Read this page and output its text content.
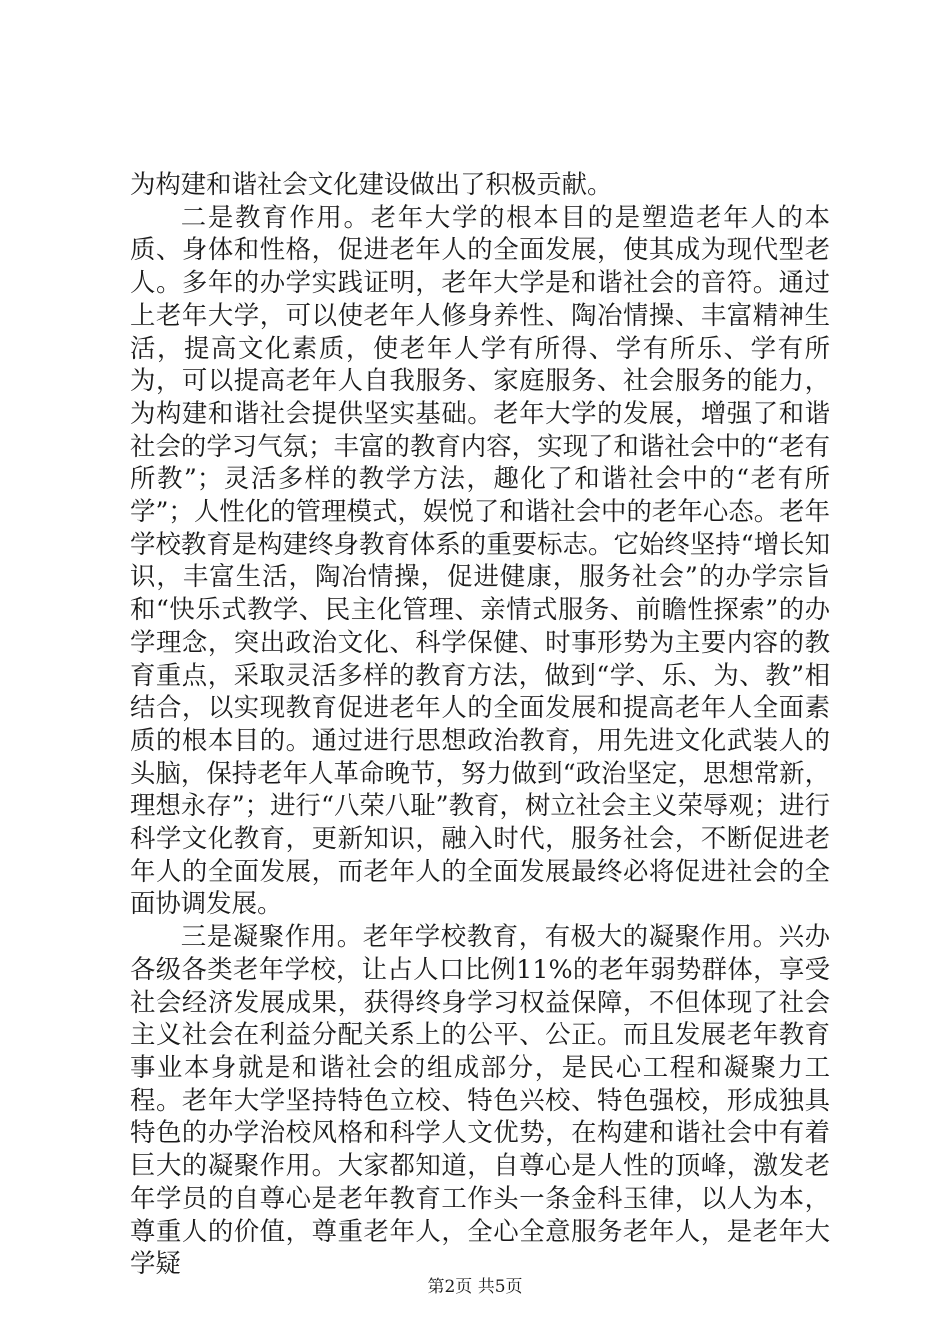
为构建和谐社会文化建设做出了积极贡献。

二是教育作用。老年大学的根本目的是塑造老年人的本质、身体和性格，促进老年人的全面发展，使其成为现代型老人。多年的办学实践证明，老年大学是和谐社会的音符。通过上老年大学，可以使老年人修身养性、陶冶情操、丰富精神生活，提高文化素质，使老年人学有所得、学有所乐、学有所为，可以提高老年人自我服务、家庭服务、社会服务的能力，为构建和谐社会提供坚实基础。老年大学的发展，增强了和谐社会的学习气氛；丰富的教育内容，实现了和谐社会中的“老有所教”；灵活多样的教学方法，趣化了和谐社会中的“老有所学”；人性化的管理模式，娱悦了和谐社会中的老年心态。老年学校教育是构建终身教育体系的重要标志。它始终坚持“增长知识，丰富生活，陶冶情操，促进健康，服务社会”的办学宗旨和“快乐式教学、民主化管理、亲情式服务、前瞻性探索”的办学理念，突出政治文化、科学保健、时事形势为主要内容的教育重点，采取灵活多样的教育方法，做到“学、乐、为、教”相结合，以实现教育促进老年人的全面发展和提高老年人全面素质的根本目的。通过进行思想政治教育，用先进文化武装人的头脑，保持老年人革命晚节，努力做到“政治坚定，思想常新，理想永存”；进行“八荣八耻”教育，树立社会主义荣辱观；进行科学文化教育，更新知识，融入时代，服务社会，不断促进老年人的全面发展，而老年人的全面发展最终必将促进社会的全面协调发展。

三是凝聚作用。老年学校教育，有极大的凝聚作用。兴办各级各类老年学校，让占人口比例11%的老年弱势群体，享受社会经济发展成果，获得终身学习权益保障，不但体现了社会主义社会在利益分配关系上的公平、公正。而且发展老年教育事业本身就是和谐社会的组成部分，是民心工程和凝聚力工程。老年大学坚持特色立校、特色兴校、特色强校，形成独具特色的办学治校风格和科学人文优势，在构建和谐社会中有着巨大的凝聚作用。大家都知道，自尊心是人性的顶峰，激发老年学员的自尊心是老年教育工作头一条金科玉律，以人为本，尊重人的价值，尊重老年人，全心全意服务老年人，是老年大学疑

第2页 共5页
